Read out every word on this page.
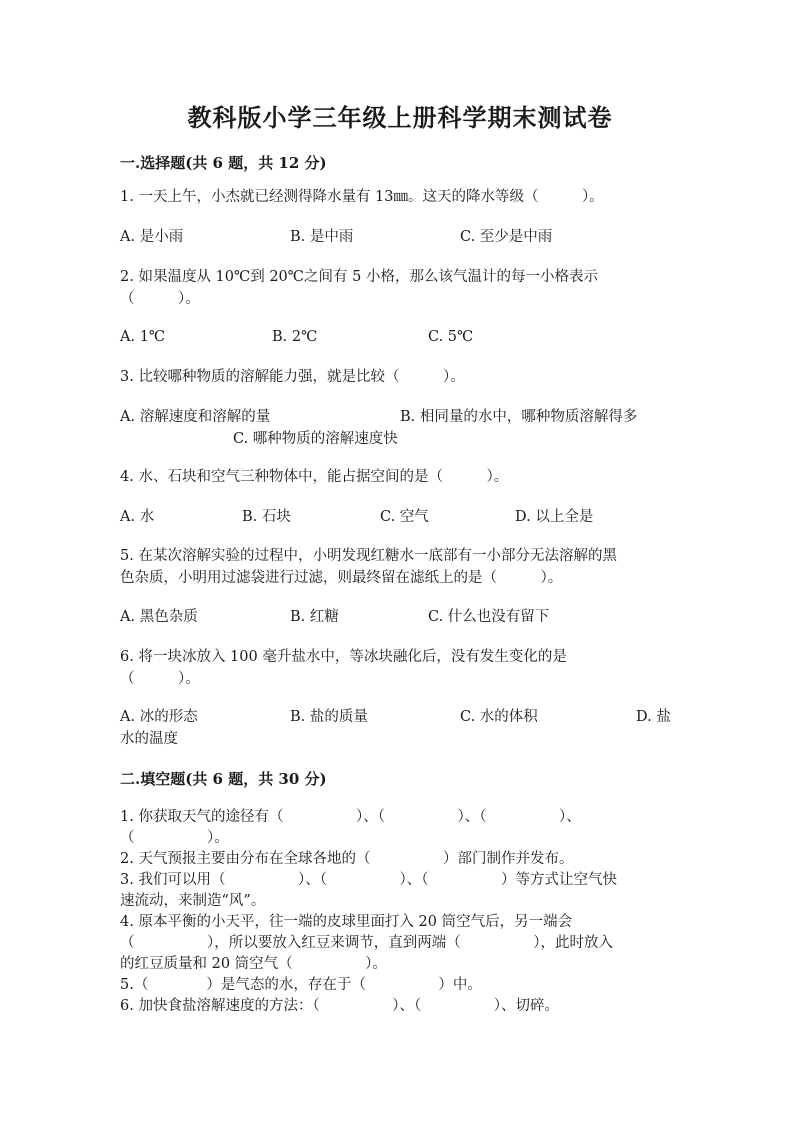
教科版小学三年级上册科学期末测试卷
一.选择题(共 6 题，共 12 分)
1. 一天上午，小杰就已经测得降水量有 13㎜。这天的降水等级（　　　）。
A. 是小雨	B. 是中雨	C. 至少是中雨
2. 如果温度从 10℃到 20℃之间有 5 小格，那么该气温计的每一小格表示
（　　　）。
A. 1℃	B. 2℃	C. 5℃
3. 比较哪种物质的溶解能力强，就是比较（　　　）。
A. 溶解速度和溶解的量	B. 相同量的水中，哪种物质溶解得多
C. 哪种物质的溶解速度快
4. 水、石块和空气三种物体中，能占据空间的是（　　　）。
A. 水	B. 石块	C. 空气	D. 以上全是
5. 在某次溶解实验的过程中，小明发现红糖水一底部有一小部分无法溶解的黑
色杂质，小明用过滤袋进行过滤，则最终留在滤纸上的是（　　　）。
A. 黑色杂质	B. 红糖	C. 什么也没有留下
6. 将一块冰放入 100 毫升盐水中，等冰块融化后，没有发生变化的是
（　　　）。
A. 冰的形态	B. 盐的质量	C. 水的体积	D. 盐
水的温度
二.填空题(共 6 题，共 30 分)
1. 你获取天气的途径有（　　　　　）、（　　　　　）、（　　　　　）、
（　　　　　）。
2. 天气预报主要由分布在全球各地的（　　　　　）部门制作并发布。
3. 我们可以用（　　　　　）、（　　　　　）、（　　　　　）等方式让空气快
速流动，来制造“风”。
4. 原本平衡的小天平，往一端的皮球里面打入 20 筒空气后，另一端会
（　　　　　），所以要放入红豆来调节，直到两端（　　　　　），此时放入
的红豆质量和 20 筒空气（　　　　　）。
5.（　　　　）是气态的水，存在于（　　　　　）中。
6. 加快食盐溶解速度的方法：（　　　　　）、（　　　　　）、切碎。
